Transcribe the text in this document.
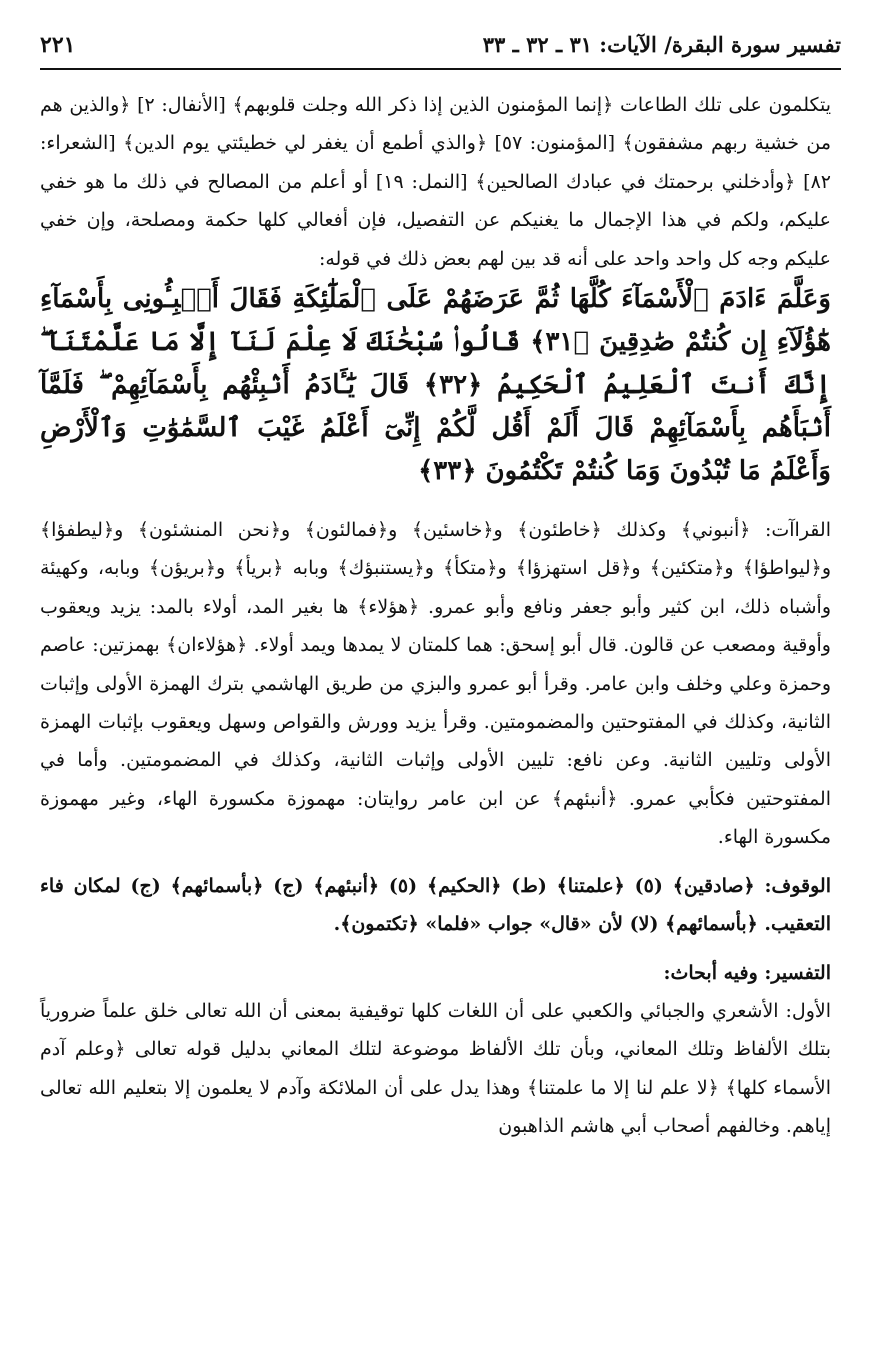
تفسير سورة البقرة/ الآيات: ٣١ ـ ٣٢ ـ ٣٣
٢٢١

يتكلمون على تلك الطاعات ﴿إنما المؤمنون الذين إذا ذكر الله وجلت قلوبهم﴾ [الأنفال: ٢] ﴿والذين هم من خشية ربهم مشفقون﴾ [المؤمنون: ٥٧] ﴿والذي أطمع أن يغفر لي خطيئتي يوم الدين﴾ [الشعراء: ٨٢] ﴿وأدخلني برحمتك في عبادك الصالحين﴾ [النمل: ١٩] أو أعلم من المصالح في ذلك ما هو خفي عليكم، ولكم في هذا الإجمال ما يغنيكم عن التفصيل، فإن أفعالي كلها حكمة ومصلحة، وإن خفي عليكم وجه كل واحد واحد على أنه قد بين لهم بعض ذلك في قوله:

وَعَلَّمَ ءَادَمَ ٱلْأَسْمَآءَ كُلَّهَا ثُمَّ عَرَضَهُمْ عَلَى ٱلْمَلَٰٓئِكَةِ فَقَالَ أَنۢبِـُٔونِى بِأَسْمَآءِ هَٰٓؤُلَآءِ إِن كُنتُمْ صَٰدِقِينَ ﴿٣١﴾ قَالُوا۟ سُبْحَٰنَكَ لَا عِلْمَ لَنَآ إِلَّا مَا عَلَّمْتَنَآ ۖ إِنَّكَ أَنتَ ٱلْعَلِيمُ ٱلْحَكِيمُ ﴿٣٢﴾ قَالَ يَٰٓـَٔادَمُ أَنۢبِئْهُم بِأَسْمَآئِهِمْ ۖ فَلَمَّآ أَنۢبَأَهُم بِأَسْمَآئِهِمْ قَالَ أَلَمْ أَقُل لَّكُمْ إِنِّىٓ أَعْلَمُ غَيْبَ ٱلسَّمَٰوَٰتِ وَٱلْأَرْضِ وَأَعْلَمُ مَا تُبْدُونَ وَمَا كُنتُمْ تَكْتُمُونَ ﴿٣٣﴾

القراآت: ﴿أنبوني﴾ وكذلك ﴿خاطئون﴾ و﴿خاسئين﴾ و﴿فمالئون﴾ و﴿نحن المنشئون﴾ و﴿ليطفؤا﴾ و﴿ليواطؤا﴾ و﴿متكئين﴾ و﴿قل استهزؤا﴾ و﴿متكأ﴾ و﴿يستنبؤك﴾ وبابه ﴿بريأ﴾ و﴿بريؤن﴾ وبابه، وكهيئة وأشباه ذلك، ابن كثير وأبو جعفر ونافع وأبو عمرو. ﴿هؤلاء﴾ ها بغير المد، أولاء بالمد: يزيد ويعقوب وأوقية ومصعب عن قالون. قال أبو إسحق: هما كلمتان لا يمدها ويمد أولاء. ﴿هؤلاءان﴾ بهمزتين: عاصم وحمزة وعلي وخلف وابن عامر. وقرأ أبو عمرو والبزي من طريق الهاشمي بترك الهمزة الأولى وإثبات الثانية، وكذلك في المفتوحتين والمضمومتين. وقرأ يزيد وورش والقواص وسهل ويعقوب بإثبات الهمزة الأولى وتليين الثانية. وعن نافع: تليين الأولى وإثبات الثانية، وكذلك في المضمومتين. وأما في المفتوحتين فكأبي عمرو. ﴿أنبئهم﴾ عن ابن عامر روايتان: مهموزة مكسورة الهاء، وغير مهموزة مكسورة الهاء.

الوقوف: ﴿صادقين﴾ (٥) ﴿علمتنا﴾ (ط) ﴿الحكيم﴾ (٥) ﴿أنبئهم﴾ (ج) ﴿بأسمائهم﴾ (ج) لمكان فاء التعقيب. ﴿بأسمائهم﴾ (لا) لأن «قال» جواب «فلما» ﴿تكتمون﴾.

التفسير: وفيه أبحاث:

الأول: الأشعري والجبائي والكعبي على أن اللغات كلها توقيفية بمعنى أن الله تعالى خلق علماً ضرورياً بتلك الألفاظ وتلك المعاني، وبأن تلك الألفاظ موضوعة لتلك المعاني بدليل قوله تعالى ﴿وعلم آدم الأسماء كلها﴾ ﴿لا علم لنا إلا ما علمتنا﴾ وهذا يدل على أن الملائكة وآدم لا يعلمون إلا بتعليم الله تعالى إياهم. وخالفهم أصحاب أبي هاشم الذاهبون
